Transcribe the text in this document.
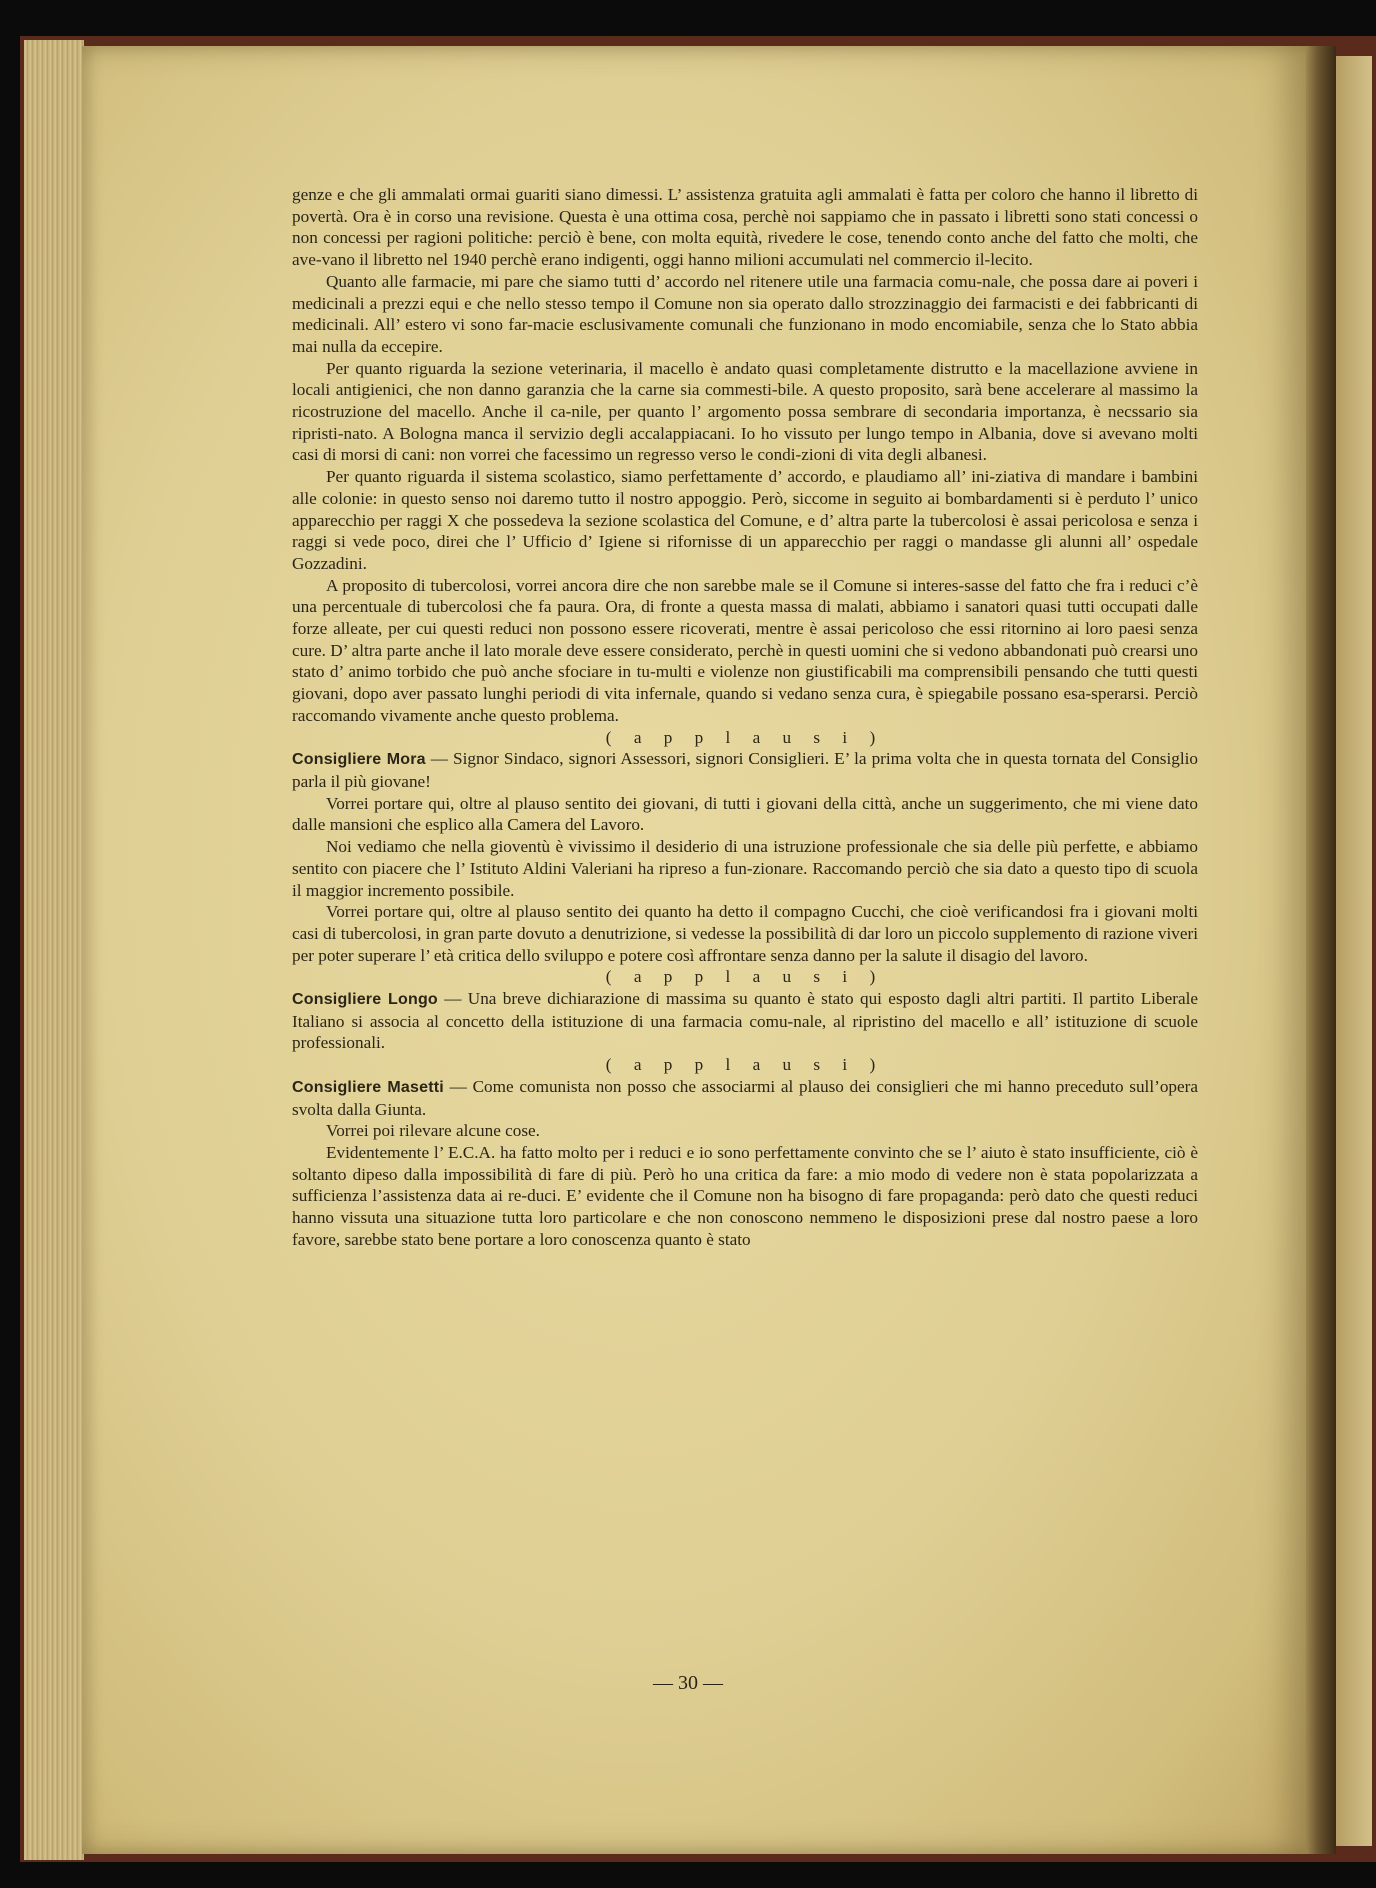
genze e che gli ammalati ormai guariti siano dimessi. L’ assistenza gratuita agli ammalati è fatta per coloro che hanno il libretto di povertà. Ora è in corso una revisione. Questa è una ottima cosa, perchè noi sappiamo che in passato i libretti sono stati concessi o non concessi per ragioni politiche: perciò è bene, con molta equità, rivedere le cose, tenendo conto anche del fatto che molti, che ave-vano il libretto nel 1940 perchè erano indigenti, oggi hanno milioni accumulati nel commercio il-lecito.

Quanto alle farmacie, mi pare che siamo tutti d’ accordo nel ritenere utile una farmacia comu-nale, che possa dare ai poveri i medicinali a prezzi equi e che nello stesso tempo il Comune non sia operato dallo strozzinaggio dei farmacisti e dei fabbricanti di medicinali. All’ estero vi sono far-macie esclusivamente comunali che funzionano in modo encomiabile, senza che lo Stato abbia mai nulla da eccepire.

Per quanto riguarda la sezione veterinaria, il macello è andato quasi completamente distrutto e la macellazione avviene in locali antigienici, che non danno garanzia che la carne sia commesti-bile. A questo proposito, sarà bene accelerare al massimo la ricostruzione del macello. Anche il ca-nile, per quanto l’ argomento possa sembrare di secondaria importanza, è necssario sia ripristi-nato. A Bologna manca il servizio degli accalappiacani. Io ho vissuto per lungo tempo in Albania, dove si avevano molti casi di morsi di cani: non vorrei che facessimo un regresso verso le condi-zioni di vita degli albanesi.

Per quanto riguarda il sistema scolastico, siamo perfettamente d’ accordo, e plaudiamo all’ ini-ziativa di mandare i bambini alle colonie: in questo senso noi daremo tutto il nostro appoggio. Però, siccome in seguito ai bombardamenti si è perduto l’ unico apparecchio per raggi X che possedeva la sezione scolastica del Comune, e d’ altra parte la tubercolosi è assai pericolosa e senza i raggi si vede poco, direi che l’ Ufficio d’ Igiene si rifornisse di un apparecchio per raggi o mandasse gli alunni all’ ospedale Gozzadini.

A proposito di tubercolosi, vorrei ancora dire che non sarebbe male se il Comune si interes-sasse del fatto che fra i reduci c’è una percentuale di tubercolosi che fa paura. Ora, di fronte a questa massa di malati, abbiamo i sanatori quasi tutti occupati dalle forze alleate, per cui questi reduci non possono essere ricoverati, mentre è assai pericoloso che essi ritornino ai loro paesi senza cure. D’ altra parte anche il lato morale deve essere considerato, perchè in questi uomini che si vedono abbandonati può crearsi uno stato d’ animo torbido che può anche sfociare in tu-multi e violenze non giustificabili ma comprensibili pensando che tutti questi giovani, dopo aver passato lunghi periodi di vita infernale, quando si vedano senza cura, è spiegabile possano esa-sperarsi. Perciò raccomando vivamente anche questo problema.

( a p p l a u s i )

Consigliere Mora — Signor Sindaco, signori Assessori, signori Consiglieri. E’ la prima volta che in questa tornata del Consiglio parla il più giovane!

Vorrei portare qui, oltre al plauso sentito dei giovani, di tutti i giovani della città, anche un suggerimento, che mi viene dato dalle mansioni che esplico alla Camera del Lavoro.

Noi vediamo che nella gioventù è vivissimo il desiderio di una istruzione professionale che sia delle più perfette, e abbiamo sentito con piacere che l’ Istituto Aldini Valeriani ha ripreso a fun-zionare. Raccomando perciò che sia dato a questo tipo di scuola il maggior incremento possibile.

Vorrei portare qui, oltre al plauso sentito dei quanto ha detto il compagno Cucchi, che cioè verificandosi fra i giovani molti casi di tubercolosi, in gran parte dovuto a denutrizione, si vedesse la possibilità di dar loro un piccolo supplemento di razione viveri per poter superare l’ età critica dello sviluppo e potere così affrontare senza danno per la salute il disagio del lavoro.

( a p p l a u s i )

Consigliere Longo — Una breve dichiarazione di massima su quanto è stato qui esposto dagli altri partiti. Il partito Liberale Italiano si associa al concetto della istituzione di una farmacia comu-nale, al ripristino del macello e all’ istituzione di scuole professionali.

( a p p l a u s i )

Consigliere Masetti — Come comunista non posso che associarmi al plauso dei consiglieri che mi hanno preceduto sull’opera svolta dalla Giunta.

Vorrei poi rilevare alcune cose.

Evidentemente l’ E.C.A. ha fatto molto per i reduci e io sono perfettamente convinto che se l’ aiuto è stato insufficiente, ciò è soltanto dipeso dalla impossibilità di fare di più. Però ho una critica da fare: a mio modo di vedere non è stata popolarizzata a sufficienza l’assistenza data ai re-duci. E’ evidente che il Comune non ha bisogno di fare propaganda: però dato che questi reduci hanno vissuta una situazione tutta loro particolare e che non conoscono nemmeno le disposizioni prese dal nostro paese a loro favore, sarebbe stato bene portare a loro conoscenza quanto è stato

— 30 —
